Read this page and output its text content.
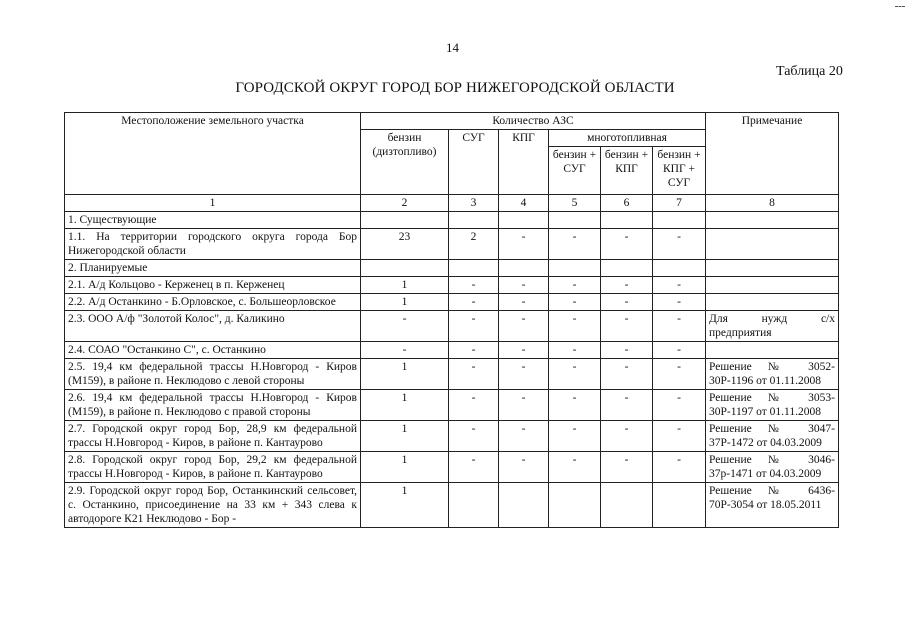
14
Таблица 20
ГОРОДСКОЙ ОКРУГ ГОРОД БОР НИЖЕГОРОДСКОЙ ОБЛАСТИ
Местоположение земельного участка	Количество АЗС						Примечание
	бензин (дизтопливо)	СУГ	КПГ	многотопливная			
				бензин + СУГ	бензин + КПГ	бензин + КПГ + СУГ	
1	2	3	4	5	6	7	8
1. Существующие							
1.1. На территории городского округа города Бор Нижегородской области	23	2	-	-	-	-	
2. Планируемые							
2.1. А/д Кольцово - Керженец в п. Керженец	1	-	-	-	-	-	
2.2. А/д Останкино - Б.Орловское, с. Большеорловское	1	-	-	-	-	-	
2.3. ООО А/ф "Золотой Колос", д. Каликино	-	-	-	-	-	-	Для нужд с/х предприятия
2.4. СОАО "Останкино С", с. Останкино	-	-	-	-	-	-	
2.5. 19,4 км федеральной трассы Н.Новгород - Киров (М159), в районе п. Неклюдово с левой стороны	1	-	-	-	-	-	Решение № 3052-30Р-1196 от 01.11.2008
2.6. 19,4 км федеральной трассы Н.Новгород - Киров (М159), в районе п. Неклюдово с правой стороны	1	-	-	-	-	-	Решение № 3053-30Р-1197 от 01.11.2008
2.7. Городской округ город Бор, 28,9 км федеральной трассы Н.Новгород - Киров, в районе п. Кантаурово	1	-	-	-	-	-	Решение № 3047-37Р-1472 от 04.03.2009
2.8. Городской округ город Бор, 29,2 км федеральной трассы Н.Новгород - Киров, в районе п. Кантаурово	1	-	-	-	-	-	Решение № 3046-37р-1471 от 04.03.2009
2.9. Городской округ город Бор, Останкинский сельсовет, с. Останкино, присоединение на 33 км + 343 слева к автодороге К21 Неклюдово - Бор -	1						Решение № 6436-70Р-3054 от 18.05.2011
